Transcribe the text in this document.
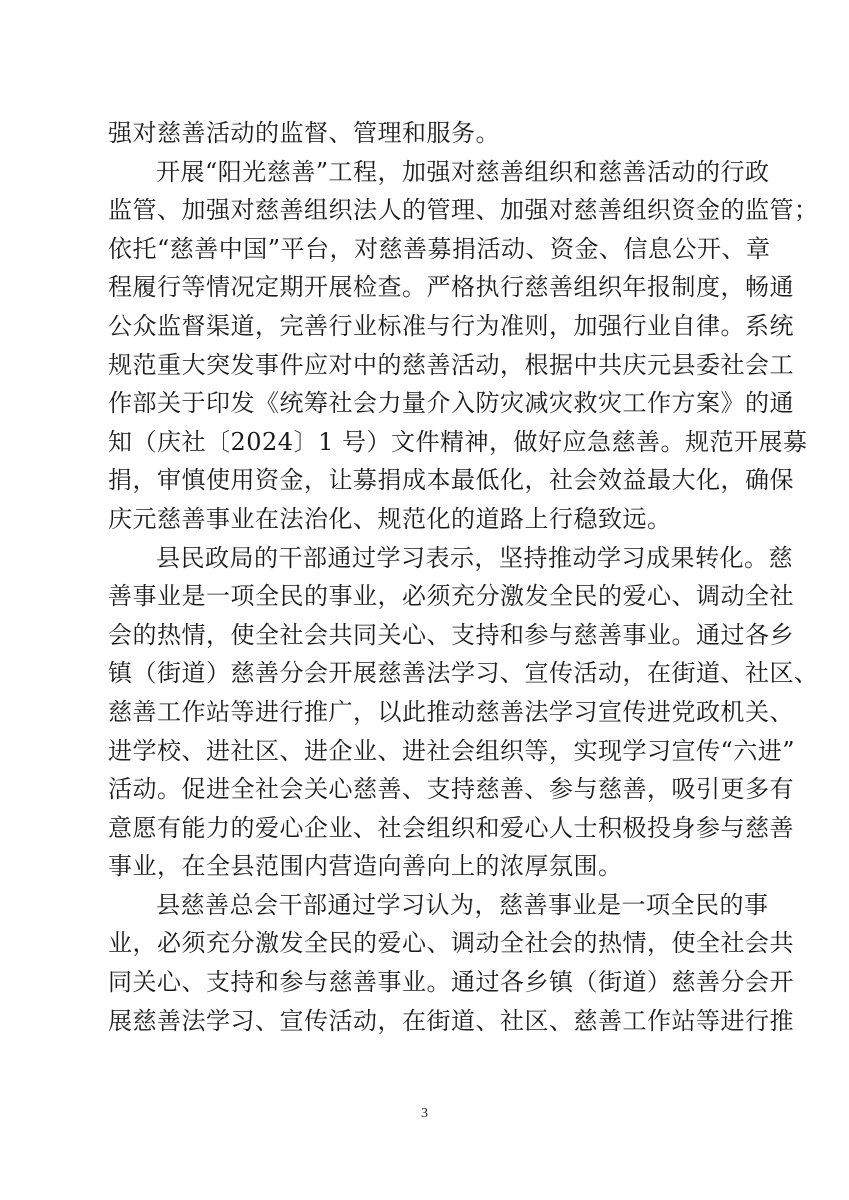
强对慈善活动的监督、管理和服务。
开展“阳光慈善”工程，加强对慈善组织和慈善活动的行政
监管、加强对慈善组织法人的管理、加强对慈善组织资金的监管；
依托“慈善中国”平台，对慈善募捐活动、资金、信息公开、章
程履行等情况定期开展检查。严格执行慈善组织年报制度，畅通
公众监督渠道，完善行业标准与行为准则，加强行业自律。系统
规范重大突发事件应对中的慈善活动，根据中共庆元县委社会工
作部关于印发《统筹社会力量介入防灾减灾救灾工作方案》的通
知（庆社〔2024〕1 号）文件精神，做好应急慈善。规范开展募
捐，审慎使用资金，让募捐成本最低化，社会效益最大化，确保
庆元慈善事业在法治化、规范化的道路上行稳致远。
县民政局的干部通过学习表示，坚持推动学习成果转化。慈
善事业是一项全民的事业，必须充分激发全民的爱心、调动全社
会的热情，使全社会共同关心、支持和参与慈善事业。通过各乡
镇（街道）慈善分会开展慈善法学习、宣传活动，在街道、社区、
慈善工作站等进行推广，以此推动慈善法学习宣传进党政机关、
进学校、进社区、进企业、进社会组织等，实现学习宣传“六进”
活动。促进全社会关心慈善、支持慈善、参与慈善，吸引更多有
意愿有能力的爱心企业、社会组织和爱心人士积极投身参与慈善
事业，在全县范围内营造向善向上的浓厚氛围。
县慈善总会干部通过学习认为，慈善事业是一项全民的事
业，必须充分激发全民的爱心、调动全社会的热情，使全社会共
同关心、支持和参与慈善事业。通过各乡镇（街道）慈善分会开
展慈善法学习、宣传活动，在街道、社区、慈善工作站等进行推
3
